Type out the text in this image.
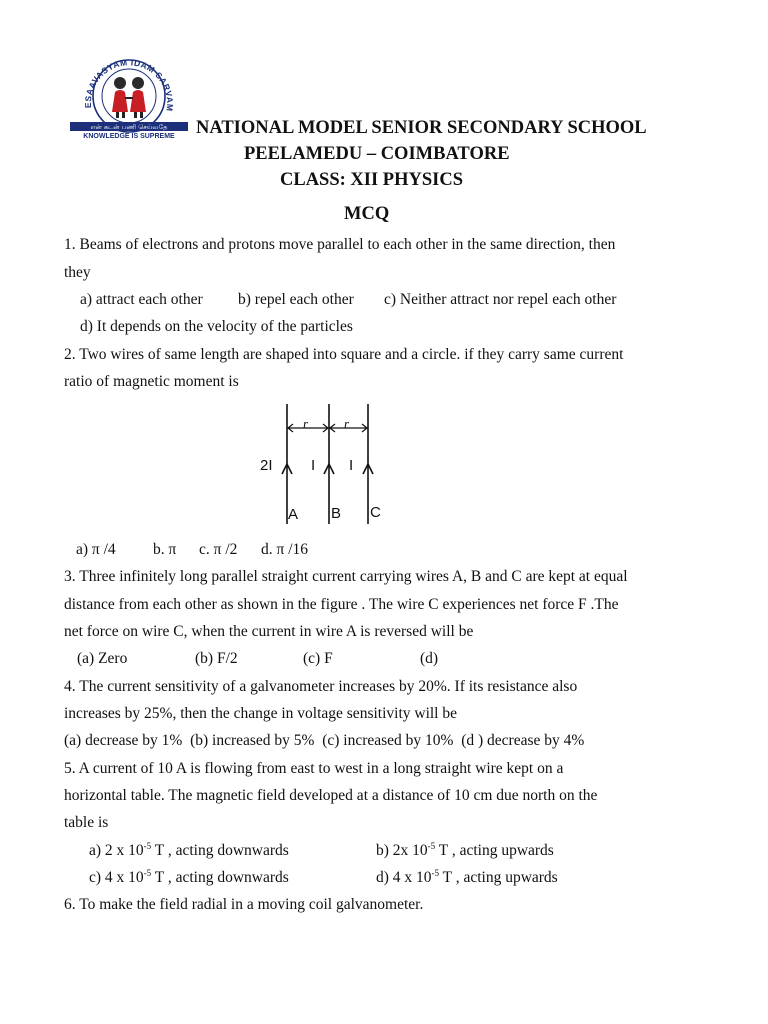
ESAAVASYAM IDAM SARVAM
என் கடன் பணி செய்வதே
KNOWLEDGE IS SUPREME NATIONAL MODEL SENIOR SECONDARY SCHOOL
PEELAMEDU – COIMBATORE
CLASS: XII PHYSICS
MCQ
1. Beams of electrons and protons move parallel to each other in the same direction, then
they
a) attract each other b) repel each other c) Neither attract nor repel each other
d) It depends on the velocity of the particles
2. Two wires of same length are shaped into square and a circle. if they carry same current
ratio of magnetic moment is
r	r
2I	I I
A B C
a) π /4 b. π c. π /2 d. π /16
3. Three infinitely long parallel straight current carrying wires A, B and C are kept at equal
distance from each other as shown in the figure . The wire C experiences net force F .The
net force on wire C, when the current in wire A is reversed will be
(a) Zero	(b) F/2	(c) F	(d)
4. The current sensitivity of a galvanometer increases by 20%. If its resistance also
increases by 25%, then the change in voltage sensitivity will be
(a) decrease by 1%  (b) increased by 5%  (c) increased by 10%  (d ) decrease by 4%
5. A current of 10 A is flowing from east to west in a long straight wire kept on a
horizontal table. The magnetic field developed at a distance of 10 cm due north on the
table is
a) 2 x $10^{-5}$ T , acting downwards	b) 2x $10^{-5}$ T , acting upwards
c) 4 x $10^{-5}$ T , acting downwards	d) 4 x $10^{-5}$ T , acting upwards
6. To make the field radial in a moving coil galvanometer.
